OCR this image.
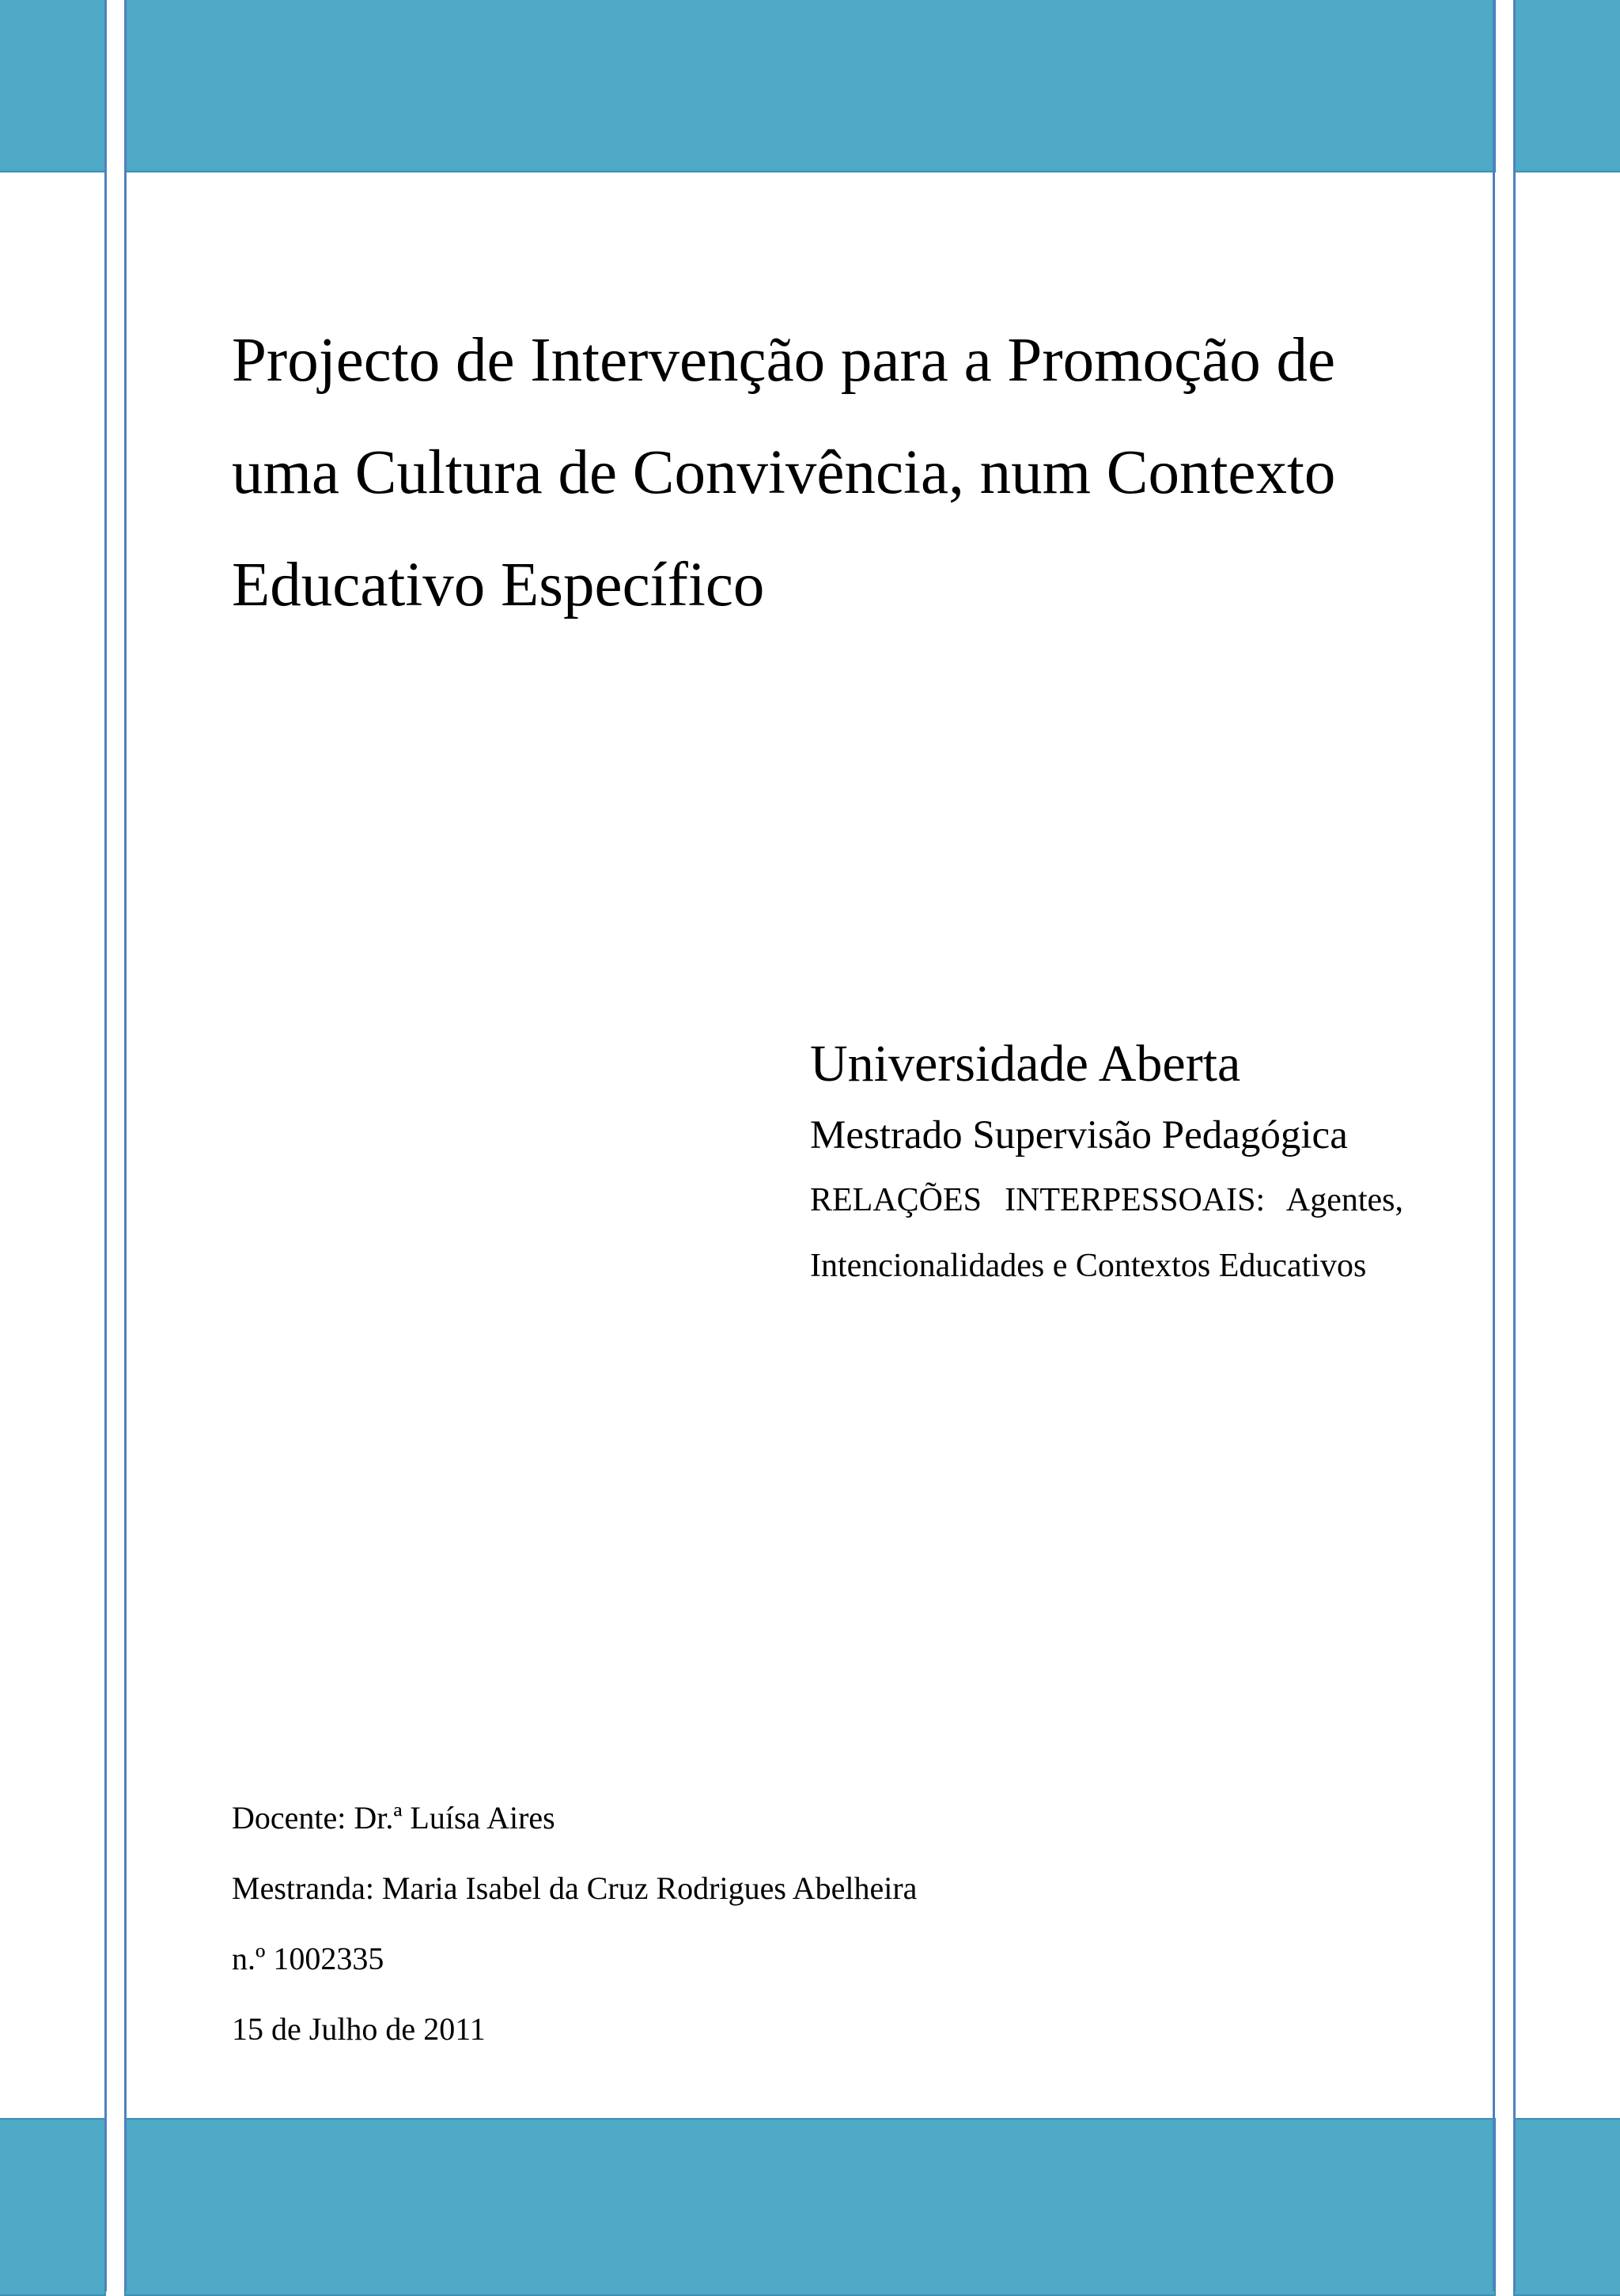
Projecto de Intervenção para a Promoção de
uma Cultura de Convivência, num Contexto
Educativo Específico
Universidade Aberta
Mestrado Supervisão Pedagógica

RELAÇÕES INTERPESSOAIS: Agentes, Intencionalidades e Contextos Educativos

Docente: Dr.ª Luísa Aires
Mestranda: Maria Isabel da Cruz Rodrigues Abelheira
n.º 1002335
15 de Julho de 2011
